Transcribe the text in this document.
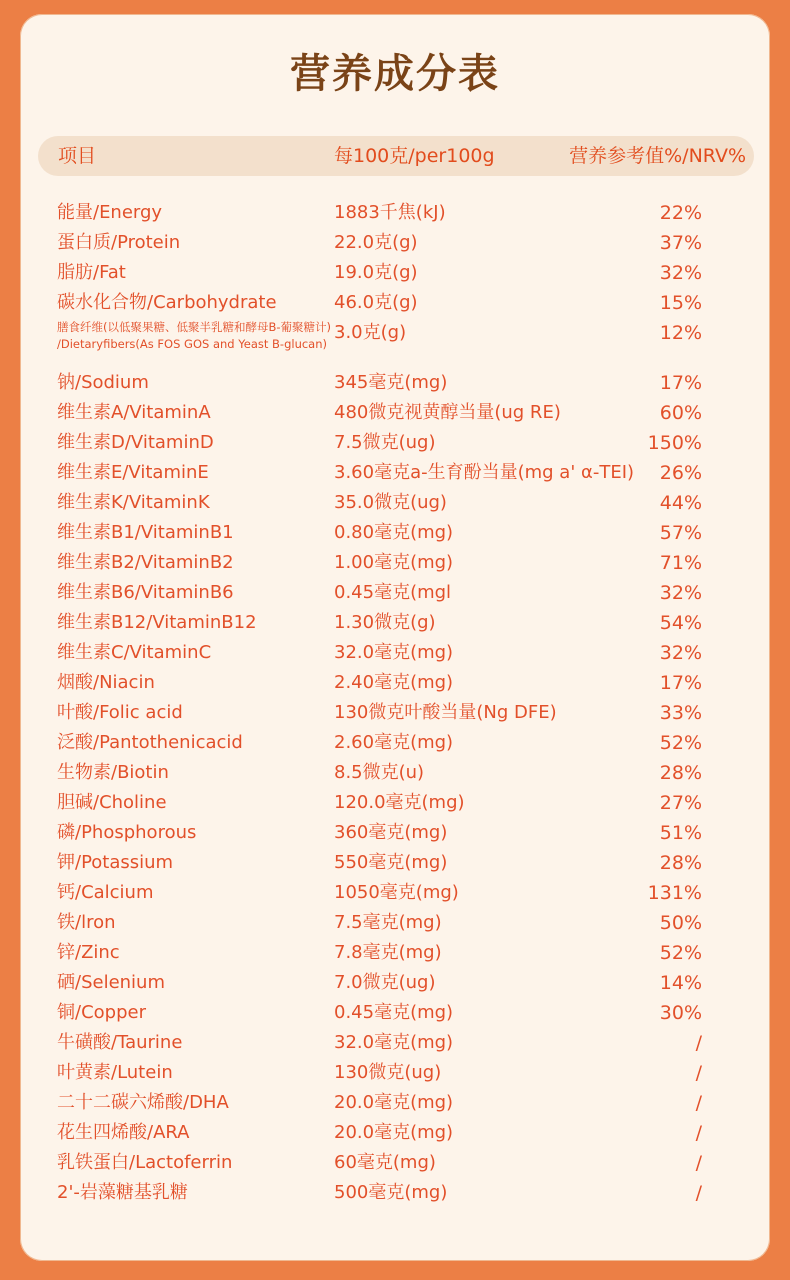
营养成分表
项目	每100克/per100g	营养参考值%/NRV%
能量/Energy	1883千焦(kJ)	22%
蛋白质/Protein	22.0克(g)	37%
脂肪/Fat	19.0克(g)	32%
碳水化合物/Carbohydrate	46.0克(g)	15%
膳食纤维(以低聚果糖、低聚半乳糖和酵母B-葡聚糖计)
/Dietaryfibers(As FOS GOS and Yeast B-glucan)
3.0克(g)	12%
钠/Sodium	345毫克(mg)	17%
维生素A/VitaminA	480微克视黄醇当量(ug RE)	60%
维生素D/VitaminD	7.5微克(ug)	150%
维生素E/VitaminE	3.60毫克a-生育酚当量(mg a' α-TEI) 26%
维生素K/VitaminK	35.0微克(ug)	44%
维生素B1/VitaminB1	0.80毫克(mg)	57%
维生素B2/VitaminB2	1.00毫克(mg)	71%
维生素B6/VitaminB6	0.45毫克(mgl	32%
维生素B12/VitaminB12	1.30微克(g)	54%
维生素C/VitaminC	32.0毫克(mg)	32%
烟酸/Niacin	2.40毫克(mg)	17%
叶酸/Folic acid	130微克叶酸当量(Ng DFE)	33%
泛酸/Pantothenicacid	2.60毫克(mg)	52%
生物素/Biotin	8.5微克(u)	28%
胆碱/Choline	120.0毫克(mg)	27%
磷/Phosphorous	360毫克(mg)	51%
钾/Potassium	550毫克(mg)	28%
钙/Calcium	1050毫克(mg)	131%
铁/lron	7.5毫克(mg)	50%
锌/Zinc	7.8毫克(mg)	52%
硒/Selenium	7.0微克(ug)	14%
铜/Copper	0.45毫克(mg)	30%
牛磺酸/Taurine	32.0毫克(mg)	/
叶黄素/Lutein	130微克(ug)	/
二十二碳六烯酸/DHA	20.0毫克(mg)	/
花生四烯酸/ARA	20.0毫克(mg)	/
乳铁蛋白/Lactoferrin	60毫克(mg)	/
2'-岩藻糖基乳糖	500毫克(mg)	/
